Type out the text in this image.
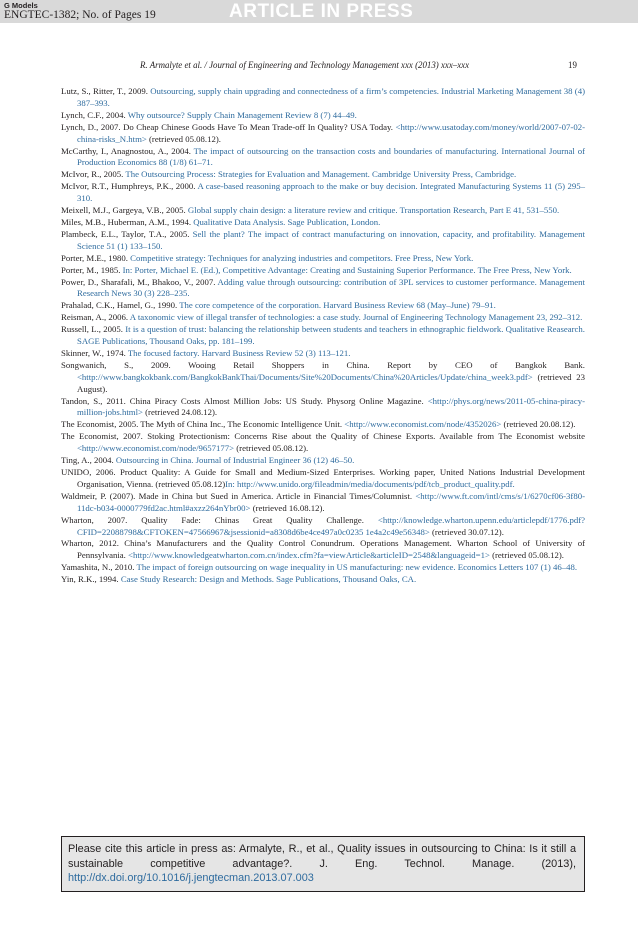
G Models
ENGTEC-1382; No. of Pages 19	ARTICLE IN PRESS
R. Armalyte et al. / Journal of Engineering and Technology Management xxx (2013) xxx–xxx	19

Lutz, S., Ritter, T., 2009. Outsourcing, supply chain upgrading and connectedness of a firm’s competencies. Industrial Marketing Management 38 (4) 387–393.

Lynch, C.F., 2004. Why outsource? Supply Chain Management Review 8 (7) 44–49.

Lynch, D., 2007. Do Cheap Chinese Goods Have To Mean Trade-off In Quality? USA Today. <http://www.usatoday.com/money/world/2007-07-02-china-risks_N.htm> (retrieved 05.08.12).

McCarthy, I., Anagnostou, A., 2004. The impact of outsourcing on the transaction costs and boundaries of manufacturing. International Journal of Production Economics 88 (1/8) 61–71.

McIvor, R., 2005. The Outsourcing Process: Strategies for Evaluation and Management. Cambridge University Press, Cambridge.

McIvor, R.T., Humphreys, P.K., 2000. A case-based reasoning approach to the make or buy decision. Integrated Manufacturing Systems 11 (5) 295–310.

Meixell, M.J., Gargeya, V.B., 2005. Global supply chain design: a literature review and critique. Transportation Research, Part E 41, 531–550.

Miles, M.B., Huberman, A.M., 1994. Qualitative Data Analysis. Sage Publication, London.

Plambeck, E.L., Taylor, T.A., 2005. Sell the plant? The impact of contract manufacturing on innovation, capacity, and profitability. Management Science 51 (1) 133–150.

Porter, M.E., 1980. Competitive strategy: Techniques for analyzing industries and competitors. Free Press, New York.

Porter, M., 1985. In: Porter, Michael E. (Ed.), Competitive Advantage: Creating and Sustaining Superior Performance. The Free Press, New York.

Power, D., Sharafali, M., Bhakoo, V., 2007. Adding value through outsourcing: contribution of 3PL services to customer performance. Management Research News 30 (3) 228–235.

Prahalad, C.K., Hamel, G., 1990. The core competence of the corporation. Harvard Business Review 68 (May–June) 79–91.

Reisman, A., 2006. A taxonomic view of illegal transfer of technologies: a case study. Journal of Engineering Technology Management 23, 292–312.

Russell, L., 2005. It is a question of trust: balancing the relationship between students and teachers in ethnographic fieldwork. Qualitative Reasearch. SAGE Publications, Thousand Oaks, pp. 181–199.

Skinner, W., 1974. The focused factory. Harvard Business Review 52 (3) 113–121.

Songwanich, S., 2009. Wooing Retail Shoppers in China. Report by CEO of Bangkok Bank. <http://www.bangkokbank.com/BangkokBankThai/Documents/Site%20Documents/China%20Articles/Update/china_week3.pdf> (retrieved 23 August).

Tandon, S., 2011. China Piracy Costs Almost Million Jobs: US Study. Physorg Online Magazine. <http://phys.org/news/2011-05-china-piracy-million-jobs.html> (retrieved 24.08.12).

The Economist, 2005. The Myth of China Inc., The Economic Intelligence Unit. <http://www.economist.com/node/4352026> (retrieved 20.08.12).

The Economist, 2007. Stoking Protectionism: Concerns Rise about the Quality of Chinese Exports. Available from The Economist website <http://www.economist.com/node/9657177> (retrieved 05.08.12).

Ting, A., 2004. Outsourcing in China. Journal of Industrial Engineer 36 (12) 46–50.

UNIDO, 2006. Product Quality: A Guide for Small and Medium-Sized Enterprises. Working paper, United Nations Industrial Development Organisation, Vienna. (retrieved 05.08.12)In: http://www.unido.org/fileadmin/media/documents/pdf/tcb_product_quality.pdf.

Waldmeir, P. (2007). Made in China but Sued in America. Article in Financial Times/Columnist. <http://www.ft.com/intl/cms/s/1/6270cf06-3f80-11dc-b034-0000779fd2ac.html#axzz264nYbr00> (retrieved 16.08.12).

Wharton, 2007. Quality Fade: Chinas Great Quality Challenge. <http://knowledge.wharton.upenn.edu/articlepdf/1776.pdf?CFID=22088798&CFTOKEN=47566967&jsessionid=a8308d6be4ce497a0c0235 1e4a2c49e56348> (retrieved 30.07.12).

Wharton, 2012. China’s Manufacturers and the Quality Control Conundrum. Operations Management. Wharton School of University of Pennsylvania. <http://www.knowledgeatwharton.com.cn/index.cfm?fa=viewArticle&articleID=2548&languageid=1> (retrieved 05.08.12).

Yamashita, N., 2010. The impact of foreign outsourcing on wage inequality in US manufacturing: new evidence. Economics Letters 107 (1) 46–48.

Yin, R.K., 1994. Case Study Research: Design and Methods. Sage Publications, Thousand Oaks, CA.

Please cite this article in press as: Armalyte, R., et al., Quality issues in outsourcing to China: Is it still a sustainable competitive advantage?. J. Eng. Technol. Manage. (2013), http://dx.doi.org/10.1016/j.jengtecman.2013.07.003
